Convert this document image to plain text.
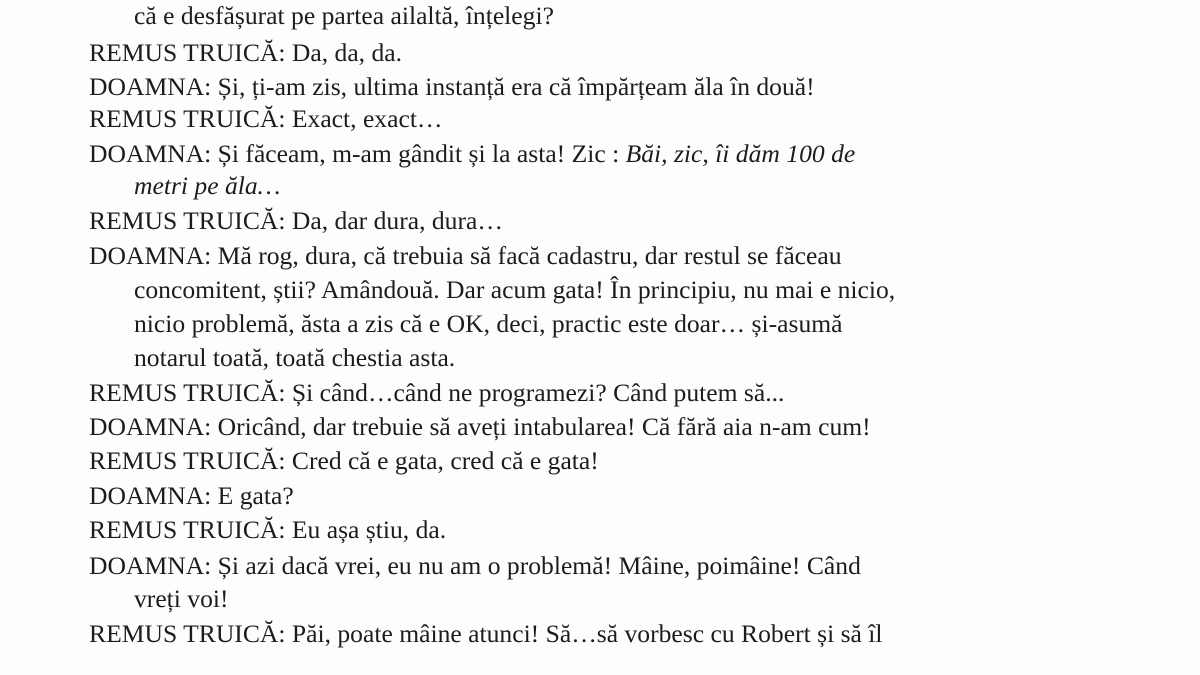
că e desfășurat pe partea ailaltă, înțelegi?
REMUS TRUICĂ: Da, da, da.
DOAMNA: Și, ți-am zis, ultima instanță era că împărțeam ăla în două!
REMUS TRUICĂ: Exact, exact…
DOAMNA: Și făceam, m-am gândit și la asta! Zic : Băi, zic, îi dăm 100 de
metri pe ăla…
REMUS TRUICĂ: Da, dar dura, dura…
DOAMNA: Mă rog, dura, că trebuia să facă cadastru, dar restul se făceau
concomitent, știi? Amândouă. Dar acum gata! În principiu, nu mai e nicio,
nicio problemă, ăsta a zis că e OK, deci, practic este doar… și-asumă
notarul toată, toată chestia asta.
REMUS TRUICĂ: Și când…când ne programezi? Când putem să...
DOAMNA: Oricând, dar trebuie să aveți intabularea! Că fără aia n-am cum!
REMUS TRUICĂ: Cred că e gata, cred că e gata!
DOAMNA: E gata?
REMUS TRUICĂ: Eu așa știu, da.
DOAMNA: Și azi dacă vrei, eu nu am o problemă! Mâine, poimâine! Când
vreți voi!
REMUS TRUICĂ: Păi, poate mâine atunci! Să…să vorbesc cu Robert și să îl
